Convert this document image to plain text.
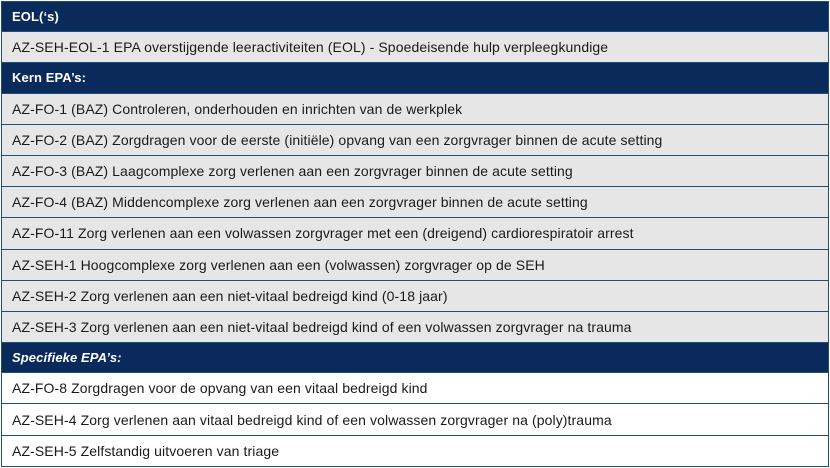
EOL(‘s)
AZ-SEH-EOL-1 EPA overstijgende leeractiviteiten (EOL) - Spoedeisende hulp verpleegkundige
Kern EPA’s:
AZ-FO-1 (BAZ) Controleren, onderhouden en inrichten van de werkplek
AZ-FO-2 (BAZ) Zorgdragen voor de eerste (initiële) opvang van een zorgvrager binnen de acute setting
AZ-FO-3 (BAZ) Laagcomplexe zorg verlenen aan een zorgvrager binnen de acute setting
AZ-FO-4 (BAZ) Middencomplexe zorg verlenen aan een zorgvrager binnen de acute setting
AZ-FO-11 Zorg verlenen aan een volwassen zorgvrager met een (dreigend) cardiorespiratoir arrest
AZ-SEH-1 Hoogcomplexe zorg verlenen aan een (volwassen) zorgvrager op de SEH
AZ-SEH-2 Zorg verlenen aan een niet-vitaal bedreigd kind (0-18 jaar)
AZ-SEH-3 Zorg verlenen aan een niet-vitaal bedreigd kind of een volwassen zorgvrager na trauma
Specifieke EPA’s:
AZ-FO-8 Zorgdragen voor de opvang van een vitaal bedreigd kind
AZ-SEH-4 Zorg verlenen aan vitaal bedreigd kind of een volwassen zorgvrager na (poly)trauma
AZ-SEH-5 Zelfstandig uitvoeren van triage
